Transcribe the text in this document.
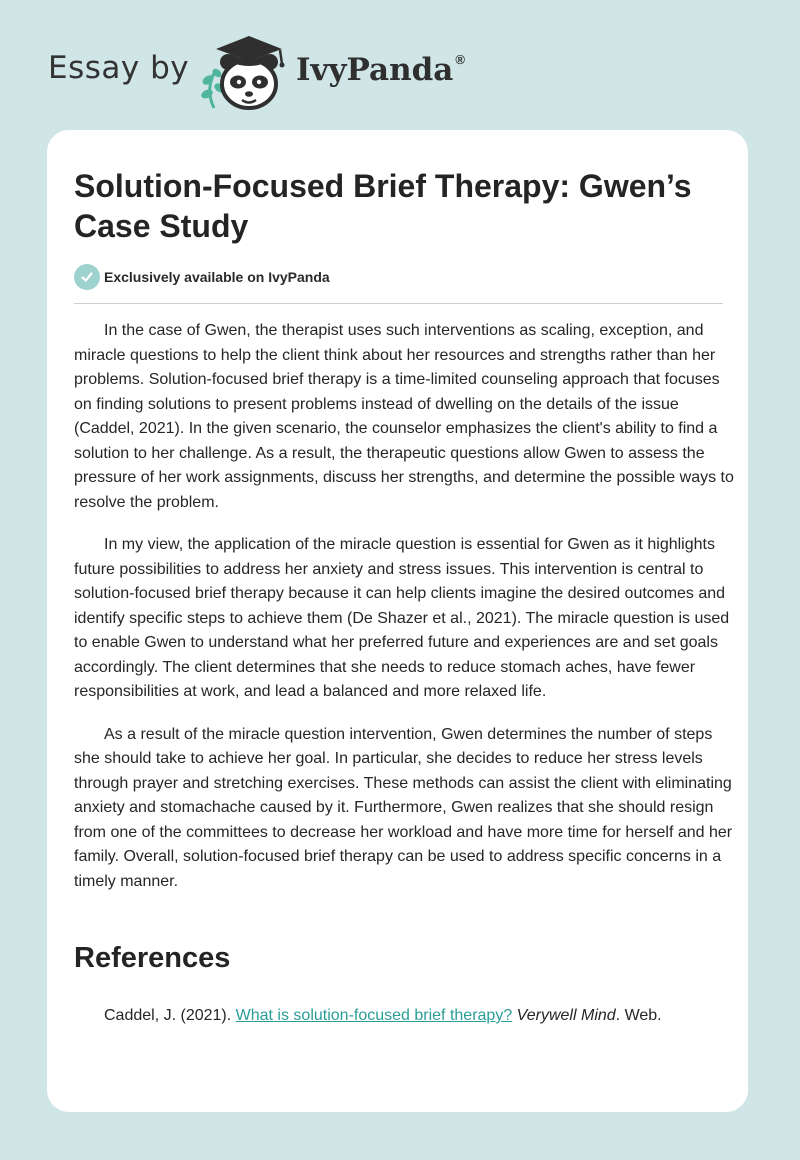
Essay by	IvyPanda ®
Solution-Focused Brief Therapy: Gwen’s Case Study
Exclusively available on IvyPanda

In the case of Gwen, the therapist uses such interventions as scaling, exception, and miracle questions to help the client think about her resources and strengths rather than her problems. Solution-focused brief therapy is a time-limited counseling approach that focuses on finding solutions to present problems instead of dwelling on the details of the issue (Caddel, 2021). In the given scenario, the counselor emphasizes the client's ability to find a solution to her challenge. As a result, the therapeutic questions allow Gwen to assess the pressure of her work assignments, discuss her strengths, and determine the possible ways to resolve the problem.

In my view, the application of the miracle question is essential for Gwen as it highlights future possibilities to address her anxiety and stress issues. This intervention is central to solution-focused brief therapy because it can help clients imagine the desired outcomes and identify specific steps to achieve them (De Shazer et al., 2021). The miracle question is used to enable Gwen to understand what her preferred future and experiences are and set goals accordingly. The client determines that she needs to reduce stomach aches, have fewer responsibilities at work, and lead a balanced and more relaxed life.

As a result of the miracle question intervention, Gwen determines the number of steps she should take to achieve her goal. In particular, she decides to reduce her stress levels through prayer and stretching exercises. These methods can assist the client with eliminating anxiety and stomachache caused by it. Furthermore, Gwen realizes that she should resign from one of the committees to decrease her workload and have more time for herself and her family. Overall, solution-focused brief therapy can be used to address specific concerns in a timely manner.

References

Caddel, J. (2021). What is solution-focused brief therapy? Verywell Mind. Web.
